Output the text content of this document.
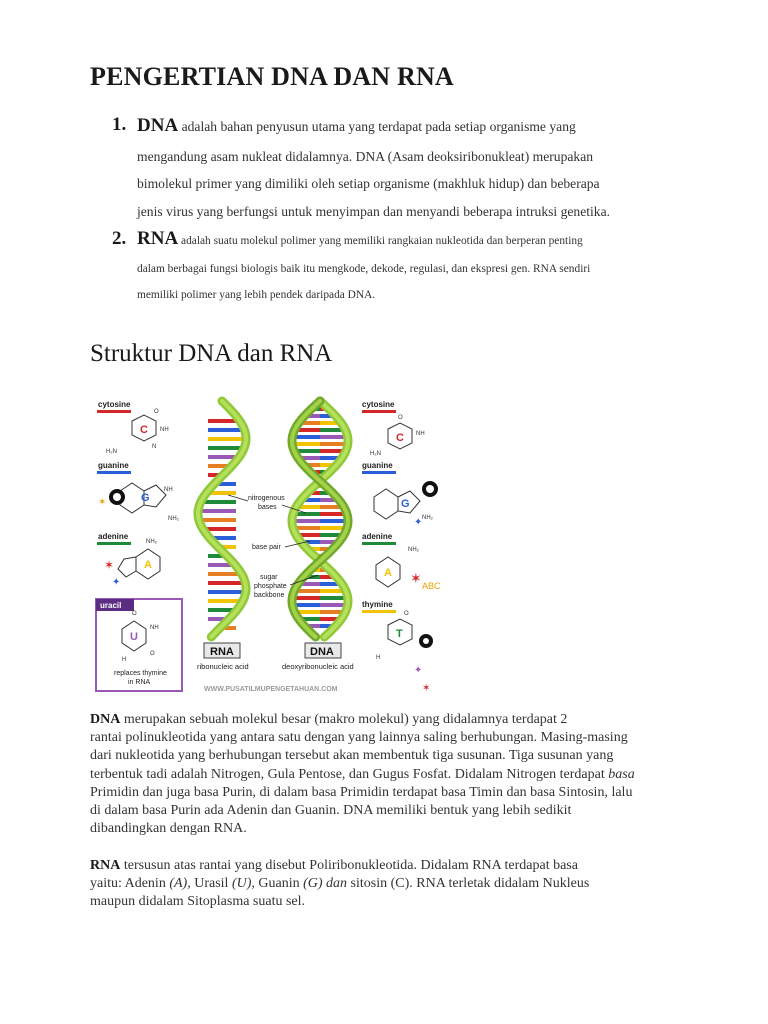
PENGERTIAN DNA DAN RNA
1. DNA adalah bahan penyusun utama yang terdapat pada setiap organisme yang
mengandung asam nukleat didalamnya. DNA (Asam deoksiribonukleat) merupakan
bimolekul primer yang dimiliki oleh setiap organisme (makhluk hidup) dan beberapa
jenis virus yang berfungsi untuk menyimpan dan menyandi beberapa intruksi genetika.
2. RNA adalah suatu molekul polimer yang memiliki rangkaian nukleotida dan berperan penting
dalam berbagai fungsi biologis baik itu mengkode, dekode, regulasi, dan ekspresi gen. RNA sendiri
memiliki polimer yang lebih pendek daripada DNA.
Struktur DNA dan RNA
cytosine
C
O
NH
H₂N
N
guanine
G
NH
NH₂
✶
adenine
A
NH₂
✶
✦
uracil
U
O
NH
O
H
replaces thymine
in RNA
nitrogenous
bases
base pair
sugar
phosphate
backbone
RNA
ribonucleic acid
DNA
deoxyribonucleic acid
WWW.PUSATILMUPENGETAHUAN.COM
cytosine
C
O
NH
H₂N
guanine
G
NH₂
✦
adenine
A
NH₂
✶ ABC
thymine
T
O
H
✦
✶
DNA merupakan sebuah molekul besar (makro molekul) yang didalamnya terdapat 2
rantai polinukleotida yang antara satu dengan yang lainnya saling berhubungan. Masing-masing
dari nukleotida yang berhubungan tersebut akan membentuk tiga susunan. Tiga susunan yang
terbentuk tadi adalah Nitrogen, Gula Pentose, dan Gugus Fosfat. Didalam Nitrogen terdapat basa
Primidin dan juga basa Purin, di dalam basa Primidin terdapat basa Timin dan basa Sintosin, lalu
di dalam basa Purin ada Adenin dan Guanin. DNA memiliki bentuk yang lebih sedikit
dibandingkan dengan RNA.
RNA tersusun atas rantai yang disebut Poliribonukleotida. Didalam RNA terdapat basa
yaitu: Adenin (A), Urasil (U), Guanin (G) dan sitosin (C). RNA terletak didalam Nukleus
maupun didalam Sitoplasma suatu sel.
